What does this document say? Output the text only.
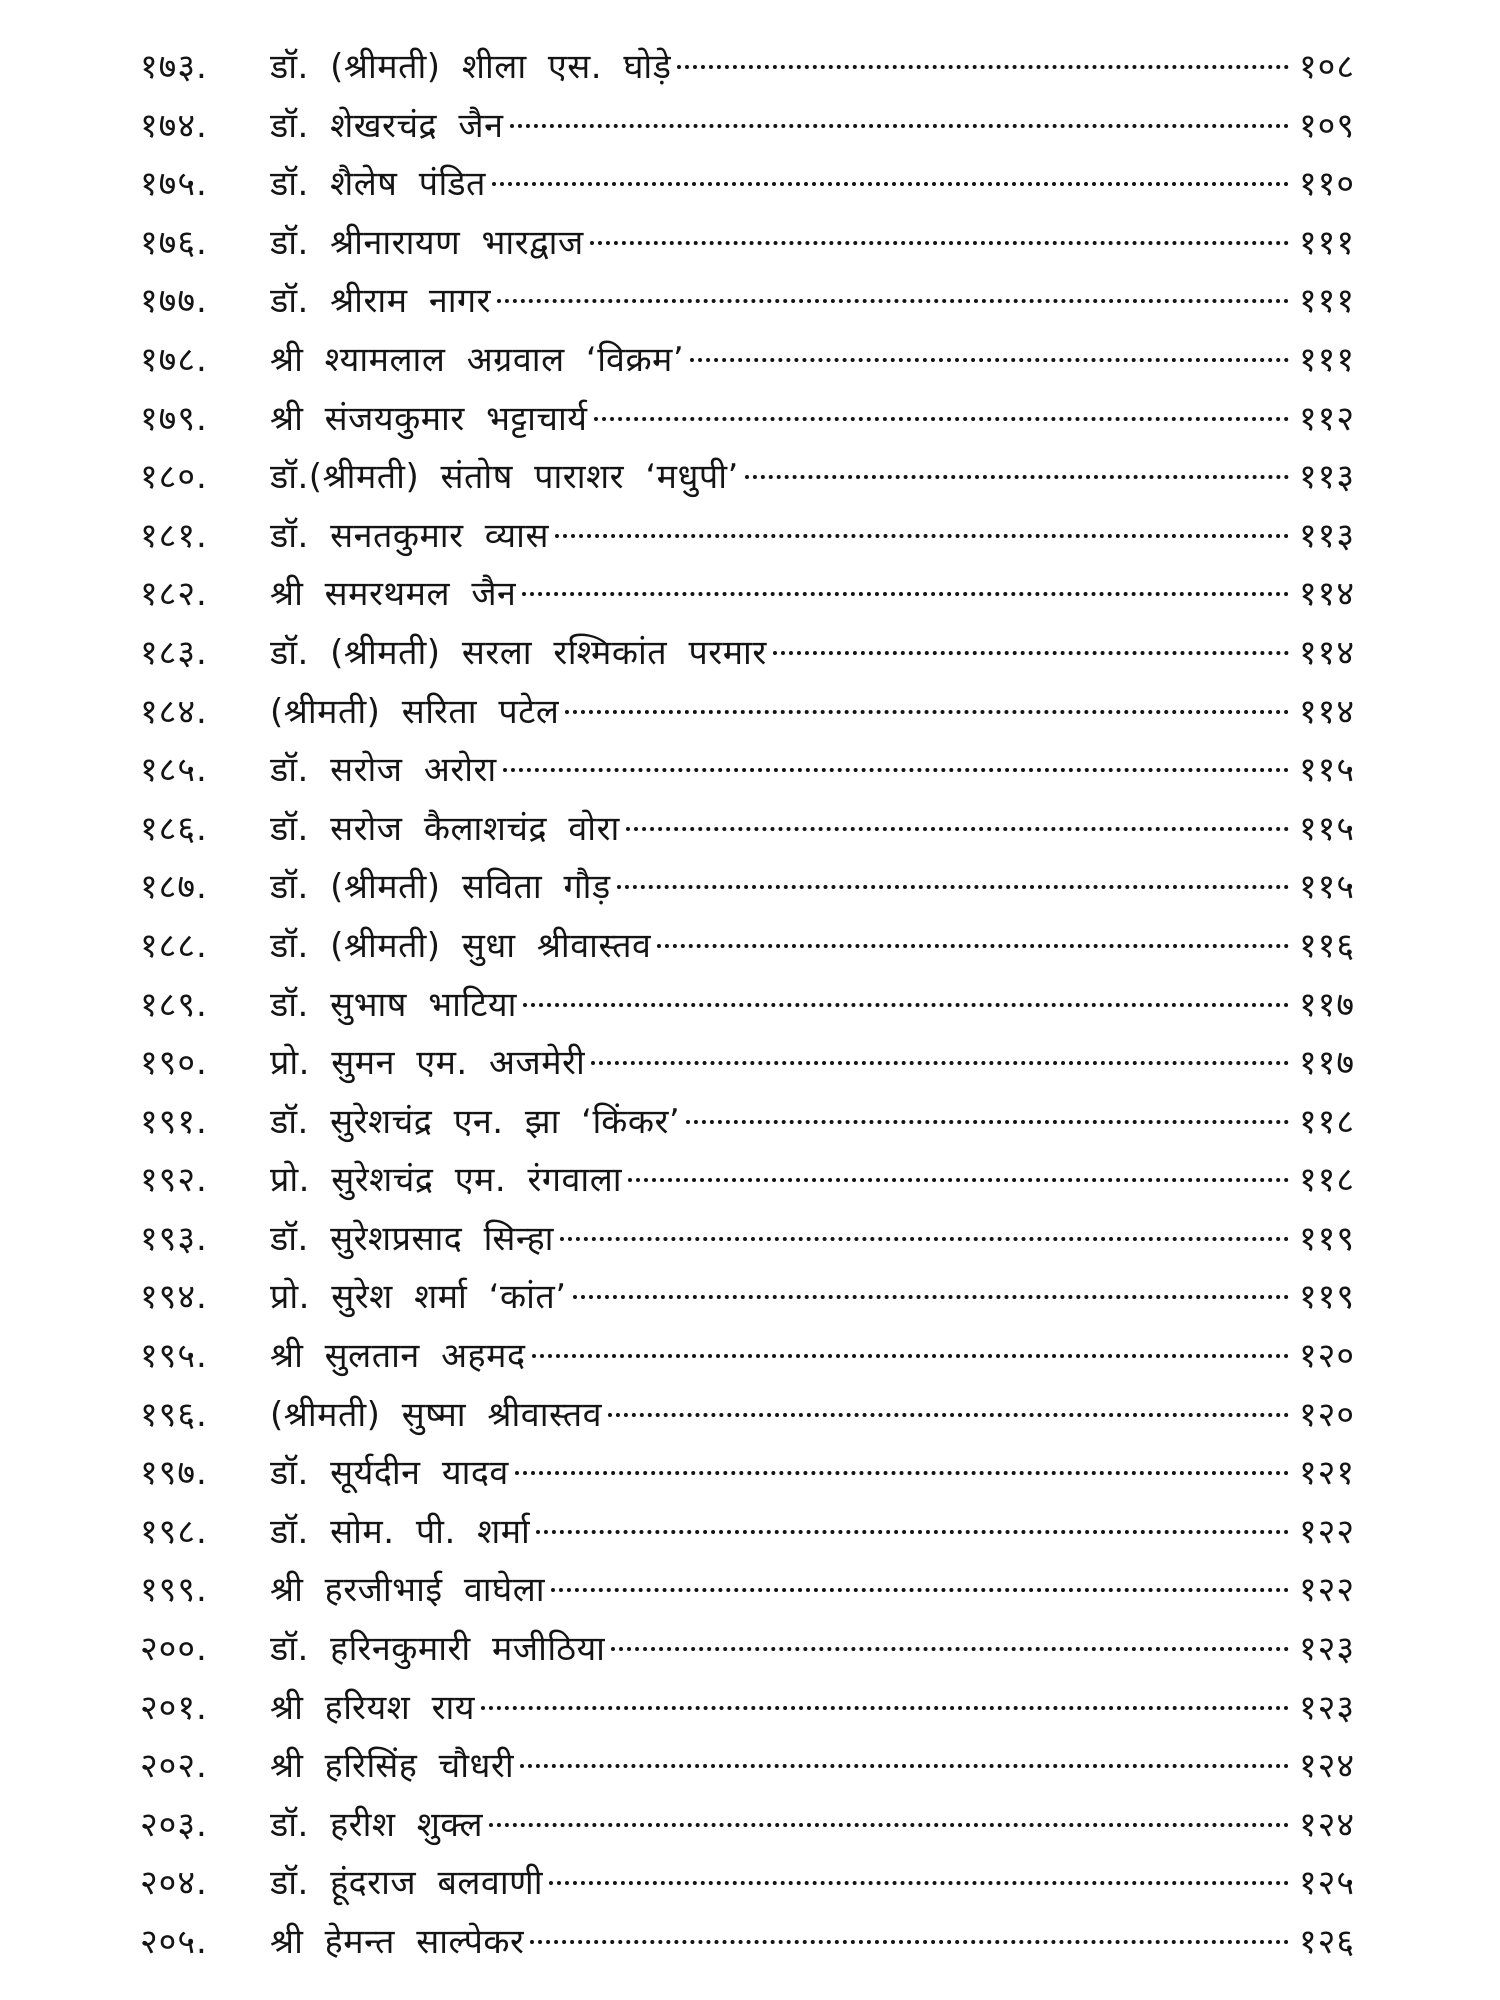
१७३.	डॉ. (श्रीमती) शीला एस. घोड़े	१०८
१७४.	डॉ. शेखरचंद्र जैन	१०९
१७५.	डॉ. शैलेष पंडित	११०
१७६.	डॉ. श्रीनारायण भारद्वाज	१११
१७७.	डॉ. श्रीराम नागर	१११
१७८.	श्री श्यामलाल अग्रवाल ‘विक्रम’	१११
१७९.	श्री संजयकुमार भट्टाचार्य	११२
१८०.	डॉ.(श्रीमती) संतोष पाराशर ‘मधुपी’	११३
१८१.	डॉ. सनतकुमार व्यास	११३
१८२.	श्री समरथमल जैन	११४
१८३.	डॉ. (श्रीमती) सरला रश्मिकांत परमार	११४
१८४.	(श्रीमती) सरिता पटेल	११४
१८५.	डॉ. सरोज अरोरा	११५
१८६.	डॉ. सरोज कैलाशचंद्र वोरा	११५
१८७.	डॉ. (श्रीमती) सविता गौड़	११५
१८८.	डॉ. (श्रीमती) सुधा श्रीवास्तव	११६
१८९.	डॉ. सुभाष भाटिया	११७
१९०.	प्रो. सुमन एम. अजमेरी	११७
१९१.	डॉ. सुरेशचंद्र एन. झा ‘किंकर’	११८
१९२.	प्रो. सुरेशचंद्र एम. रंगवाला	११८
१९३.	डॉ. सुरेशप्रसाद सिन्हा	११९
१९४.	प्रो. सुरेश शर्मा ‘कांत’	११९
१९५.	श्री सुलतान अहमद	१२०
१९६.	(श्रीमती) सुष्मा श्रीवास्तव	१२०
१९७.	डॉ. सूर्यदीन यादव	१२१
१९८.	डॉ. सोम. पी. शर्मा	१२२
१९९.	श्री हरजीभाई वाघेला	१२२
२००.	डॉ. हरिनकुमारी मजीठिया	१२३
२०१.	श्री हरियश राय	१२३
२०२.	श्री हरिसिंह चौधरी	१२४
२०३.	डॉ. हरीश शुक्ल	१२४
२०४.	डॉ. हूंदराज बलवाणी	१२५
२०५.	श्री हेमन्त साल्पेकर	१२६
